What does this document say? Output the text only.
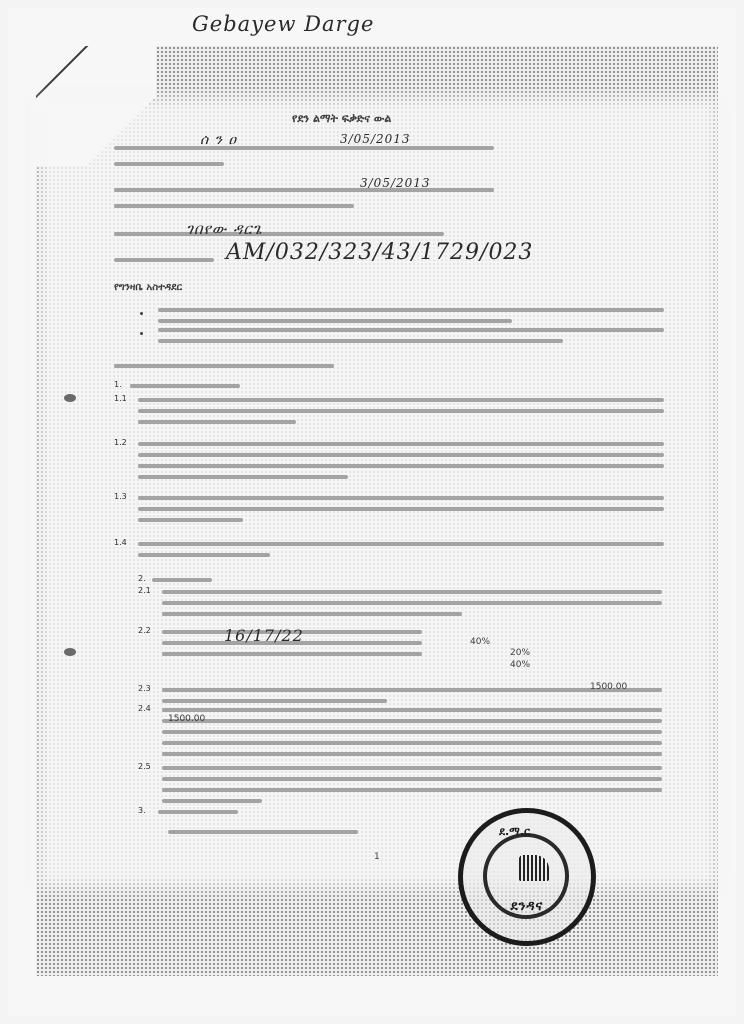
Gebayew Darge
የደን ልማት ፍቃድና ውል
ሰ ን ዐ	3/05/2013
3/05/2013
ገበየው ዳርጌ
AM/032/323/43/1729/023
የግንዛቤ አስተዳደር
1.
1.1
1.2
1.3
1.4
2.
2.1
2.2	16/17/22	40%
20%
40%
2.3	1500.00
2.4
1500.00
2.5
3.
1
ደ.ማ.ር
ደንዳና
